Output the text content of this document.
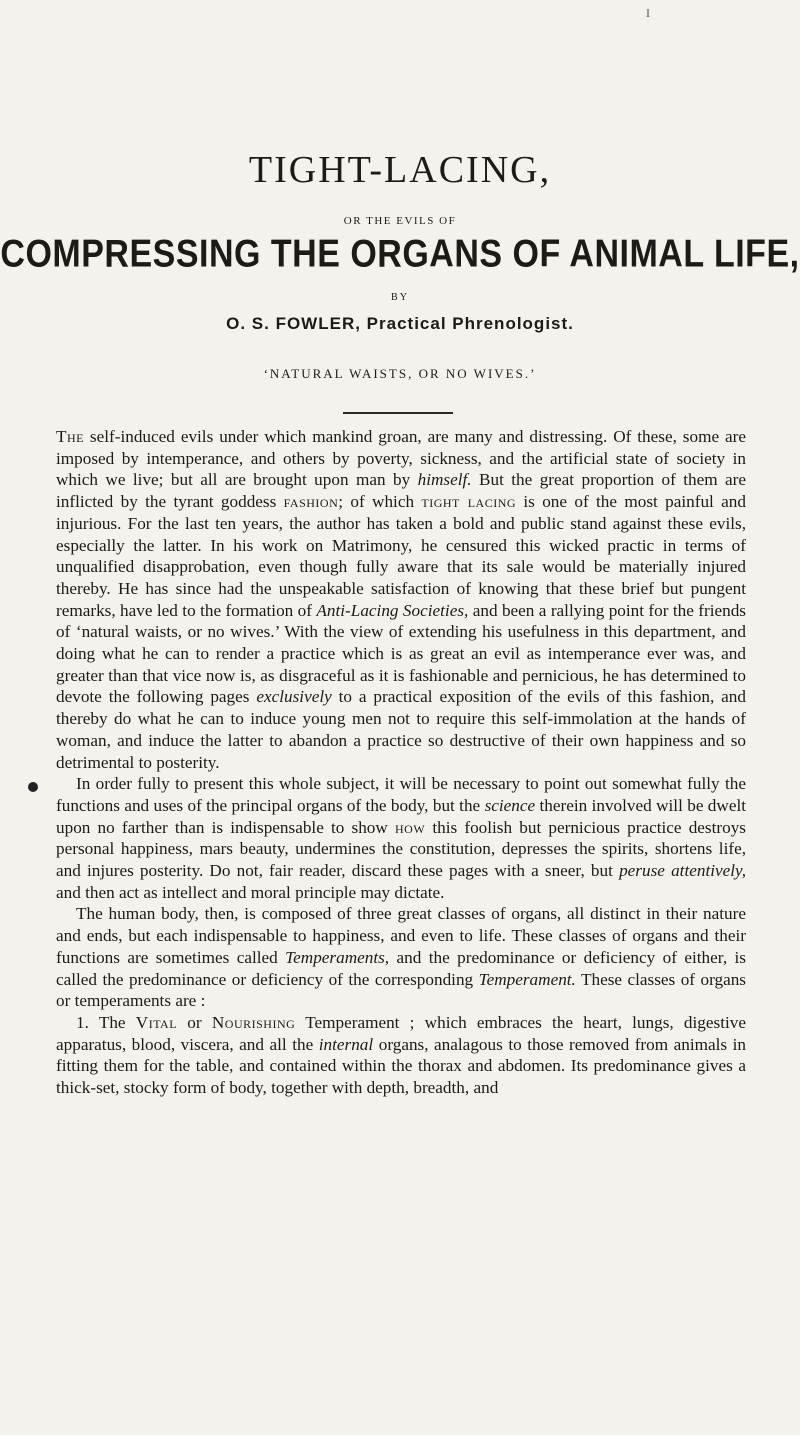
I
TIGHT-LACING,
OR THE EVILS OF
COMPRESSING THE ORGANS OF ANIMAL LIFE,
BY
O. S. FOWLER, Practical Phrenologist.
‘NATURAL WAISTS, OR NO WIVES.’

The self-induced evils under which mankind groan, are many and distressing. Of these, some are imposed by intemperance, and others by poverty, sickness, and the artificial state of society in which we live; but all are brought upon man by himself. But the great proportion of them are inflicted by the tyrant goddess fashion; of which tight lacing is one of the most painful and injurious. For the last ten years, the author has taken a bold and public stand against these evils, especially the latter. In his work on Matrimony, he censured this wicked practic in terms of unqualified disapprobation, even though fully aware that its sale would be materially injured thereby. He has since had the unspeakable satisfaction of knowing that these brief but pungent remarks, have led to the formation of Anti-Lacing Societies, and been a rallying point for the friends of ‘natural waists, or no wives.’ With the view of extending his usefulness in this department, and doing what he can to render a practice which is as great an evil as intemperance ever was, and greater than that vice now is, as disgraceful as it is fashionable and pernicious, he has determined to devote the following pages exclusively to a practical exposition of the evils of this fashion, and thereby do what he can to induce young men not to require this self-immolation at the hands of woman, and induce the latter to abandon a practice so destructive of their own happiness and so detrimental to posterity.

In order fully to present this whole subject, it will be necessary to point out somewhat fully the functions and uses of the principal organs of the body, but the science therein involved will be dwelt upon no farther than is indispensable to show how this foolish but pernicious practice destroys personal happiness, mars beauty, undermines the constitution, depresses the spirits, shortens life, and injures posterity. Do not, fair reader, discard these pages with a sneer, but peruse attentively, and then act as intellect and moral principle may dictate.

The human body, then, is composed of three great classes of organs, all distinct in their nature and ends, but each indispensable to happiness, and even to life. These classes of organs and their functions are sometimes called Temperaments, and the predominance or deficiency of either, is called the predominance or deficiency of the corresponding Temperament. These classes of organs or temperaments are :

1. The Vital or Nourishing Temperament ; which embraces the heart, lungs, digestive apparatus, blood, viscera, and all the internal organs, analagous to those removed from animals in fitting them for the table, and contained within the thorax and abdomen. Its predominance gives a thick-set, stocky form of body, together with depth, breadth, and
